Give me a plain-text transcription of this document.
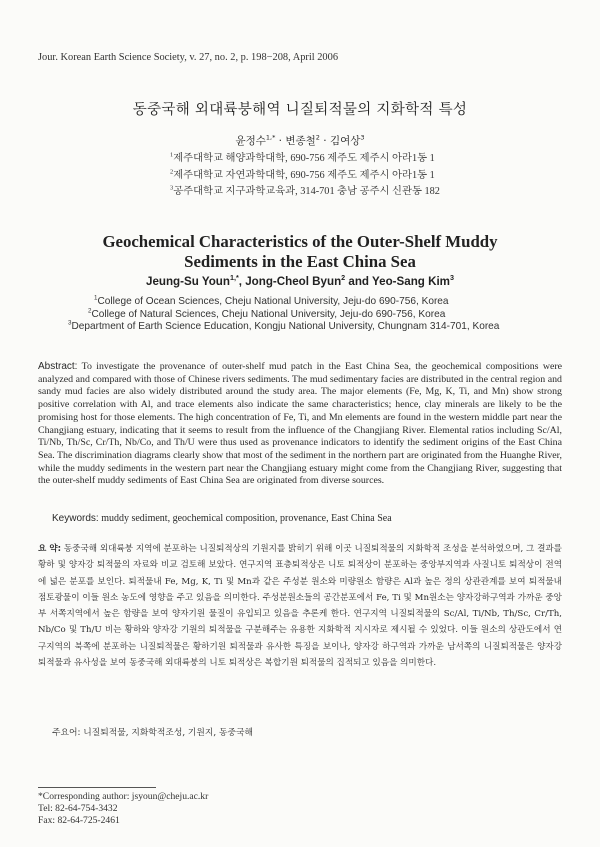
Jour. Korean Earth Science Society, v. 27, no. 2, p. 198−208, April 2006
동중국해 외대륙붕해역 니질퇴적물의 지화학적 특성
윤정수$^{1,*}$ · 변종철$^2$ · 김여상$^3$
$^1$제주대학교 해양과학대학, 690-756 제주도 제주시 아라1동 1
$^2$제주대학교 자연과학대학, 690-756 제주도 제주시 아라1동 1
$^3$공주대학교 지구과학교육과, 314-701 충남 공주시 신관동 182
Geochemical Characteristics of the Outer-Shelf Muddy
Sediments in the East China Sea
Jeung-Su Youn$^{1,*}$, Jong-Cheol Byun$^2$ and Yeo-Sang Kim$^3$
$^1$College of Ocean Sciences, Cheju National University, Jeju-do 690-756, Korea
$^2$College of Natural Sciences, Cheju National University, Jeju-do 690-756, Korea
$^3$Department of Earth Science Education, Kongju National University, Chungnam 314-701, Korea
Abstract: To investigate the provenance of outer-shelf mud patch in the East China Sea, the geochemical compositions were analyzed and compared with those of Chinese rivers sediments. The mud sedimentary facies are distributed in the central region and sandy mud facies are also widely distributed around the study area. The major elements (Fe, Mg, K, Ti, and Mn) show strong positive correlation with Al, and trace elements also indicate the same characteristics; hence, clay minerals are likely to be the promising host for those elements. The high concentration of Fe, Ti, and Mn elements are found in the western middle part near the Changjiang estuary, indicating that it seems to result from the influence of the Changjiang River. Elemental ratios including Sc/Al, Ti/Nb, Th/Sc, Cr/Th, Nb/Co, and Th/U were thus used as provenance indicators to identify the sediment origins of the East China Sea. The discrimination diagrams clearly show that most of the sediment in the northern part are originated from the Huanghe River, while the muddy sediments in the western part near the Changjiang estuary might come from the Changjiang River, suggesting that the outer-shelf muddy sediments of East China Sea are originated from diverse sources.
Keywords: muddy sediment, geochemical composition, provenance, East China Sea
요 약: 동중국해 외대륙붕 지역에 분포하는 니질퇴적상의 기원지를 밝히기 위해 이곳 니질퇴적물의 지화학적 조성을 분석하였으며, 그 결과를 황하 및 양자강 퇴적물의 자료와 비교 검토해 보았다. 연구지역 표층퇴적상은 니토 퇴적상이 분포하는 중앙부지역과 사질니토 퇴적상이 전역에 넓은 분포를 보인다. 퇴적물내 Fe, Mg, K, Ti 및 Mn과 같은 주성분 원소와 미량원소 함량은 Al과 높은 정의 상관관계를 보여 퇴적물내 점토광물이 이들 원소 농도에 영향을 주고 있음을 의미한다. 주성분원소들의 공간분포에서 Fe, Ti 및 Mn원소는 양자강하구역과 가까운 중앙부 서쪽지역에서 높은 함량을 보여 양자기원 물질이 유입되고 있음을 추론케 한다. 연구지역 니질퇴적물의 Sc/Al, Ti/Nb, Th/Sc, Cr/Th, Nb/Co 및 Th/U 비는 황하와 양자강 기원의 퇴적물을 구분해주는 유용한 지화학적 지시자로 제시될 수 있었다. 이들 원소의 상관도에서 연구지역의 북쪽에 분포하는 니질퇴적물은 황하기원 퇴적물과 유사한 특징을 보이나, 양자강 하구역과 가까운 남서쪽의 니질퇴적물은 양자강 퇴적물과 유사성을 보여 동중국해 외대륙붕의 니토 퇴적상은 복합기원 퇴적물의 집적되고 있음을 의미한다.
주요어: 니질퇴적물, 지화학적조성, 기원지, 동중국해
*Corresponding author: jsyoun@cheju.ac.kr
Tel: 82-64-754-3432
Fax: 82-64-725-2461
